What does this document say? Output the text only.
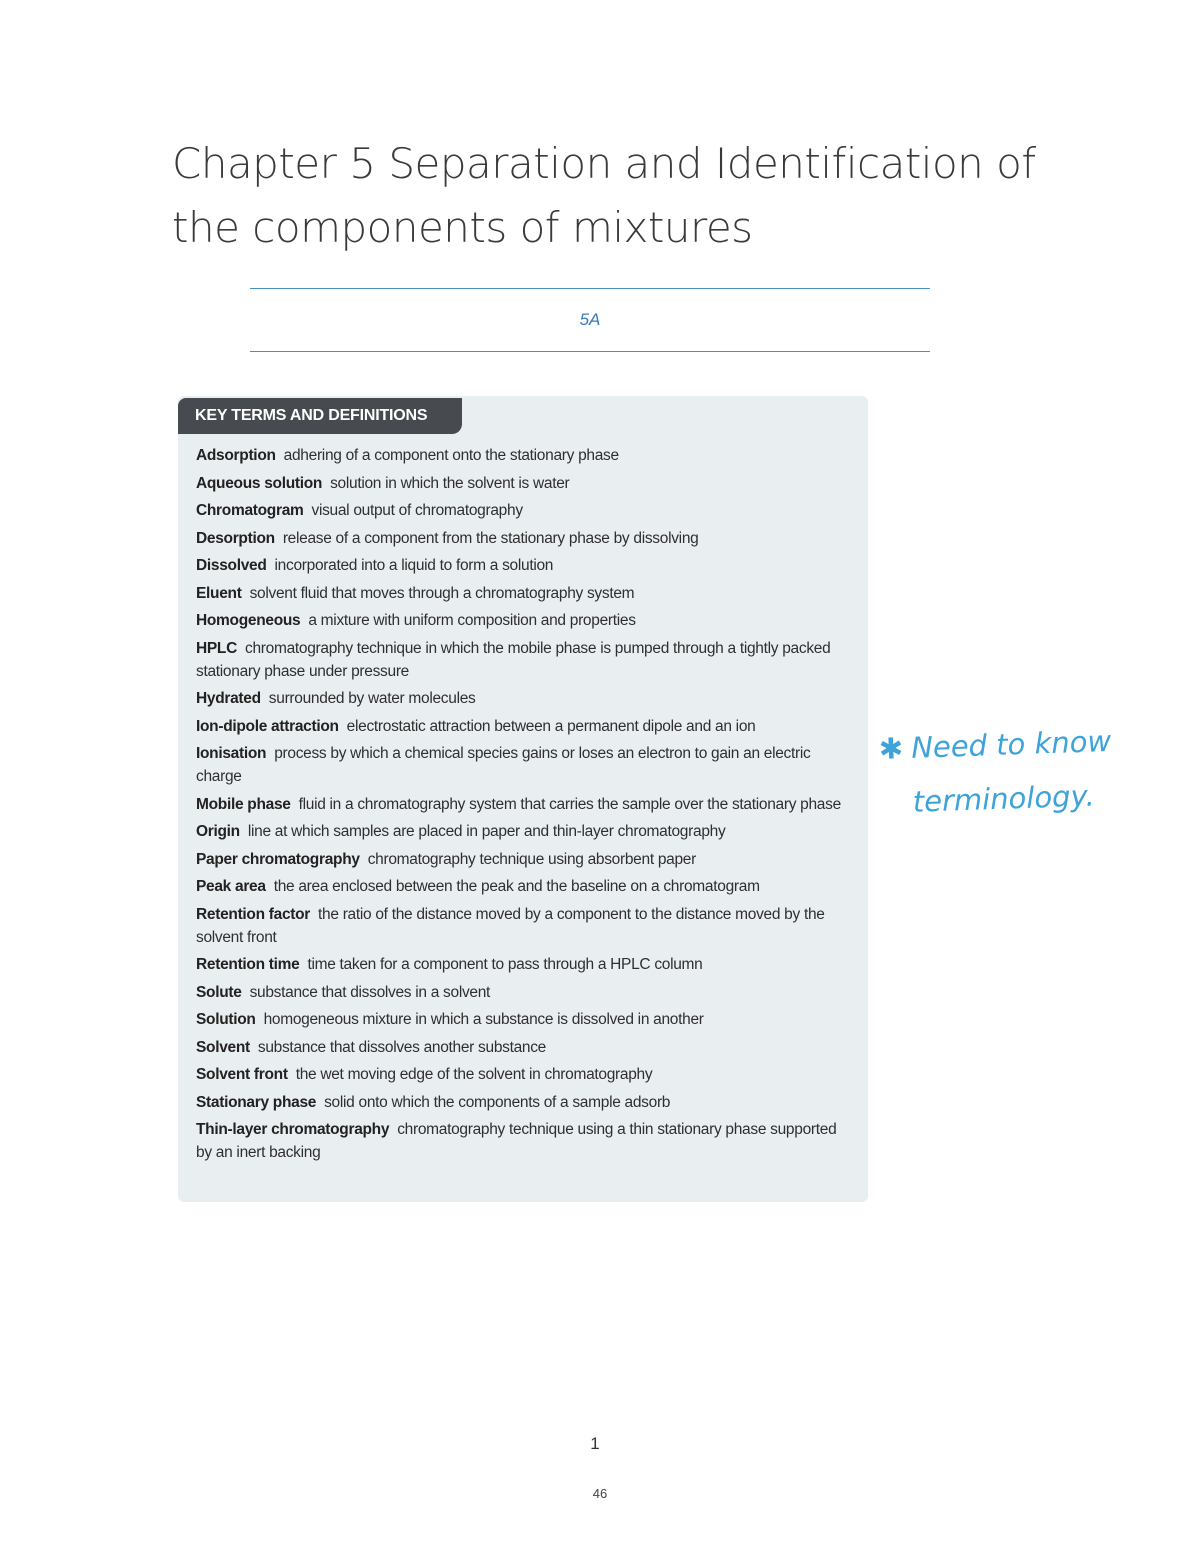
Chapter 5 Separation and Identification of the components of mixtures
5A
KEY TERMS AND DEFINITIONS
Adsorption adhering of a component onto the stationary phase
Aqueous solution solution in which the solvent is water
Chromatogram visual output of chromatography
Desorption release of a component from the stationary phase by dissolving
Dissolved incorporated into a liquid to form a solution
Eluent solvent fluid that moves through a chromatography system
Homogeneous a mixture with uniform composition and properties
HPLC chromatography technique in which the mobile phase is pumped through a tightly packed stationary phase under pressure
Hydrated surrounded by water molecules
Ion-dipole attraction electrostatic attraction between a permanent dipole and an ion
Ionisation process by which a chemical species gains or loses an electron to gain an electric charge
Mobile phase fluid in a chromatography system that carries the sample over the stationary phase
Origin line at which samples are placed in paper and thin-layer chromatography
Paper chromatography chromatography technique using absorbent paper
Peak area the area enclosed between the peak and the baseline on a chromatogram
Retention factor the ratio of the distance moved by a component to the distance moved by the solvent front
Retention time time taken for a component to pass through a HPLC column
Solute substance that dissolves in a solvent
Solution homogeneous mixture in which a substance is dissolved in another
Solvent substance that dissolves another substance
Solvent front the wet moving edge of the solvent in chromatography
Stationary phase solid onto which the components of a sample adsorb
Thin-layer chromatography chromatography technique using a thin stationary phase supported by an inert backing
✱ Need to know
terminology.
1
46
